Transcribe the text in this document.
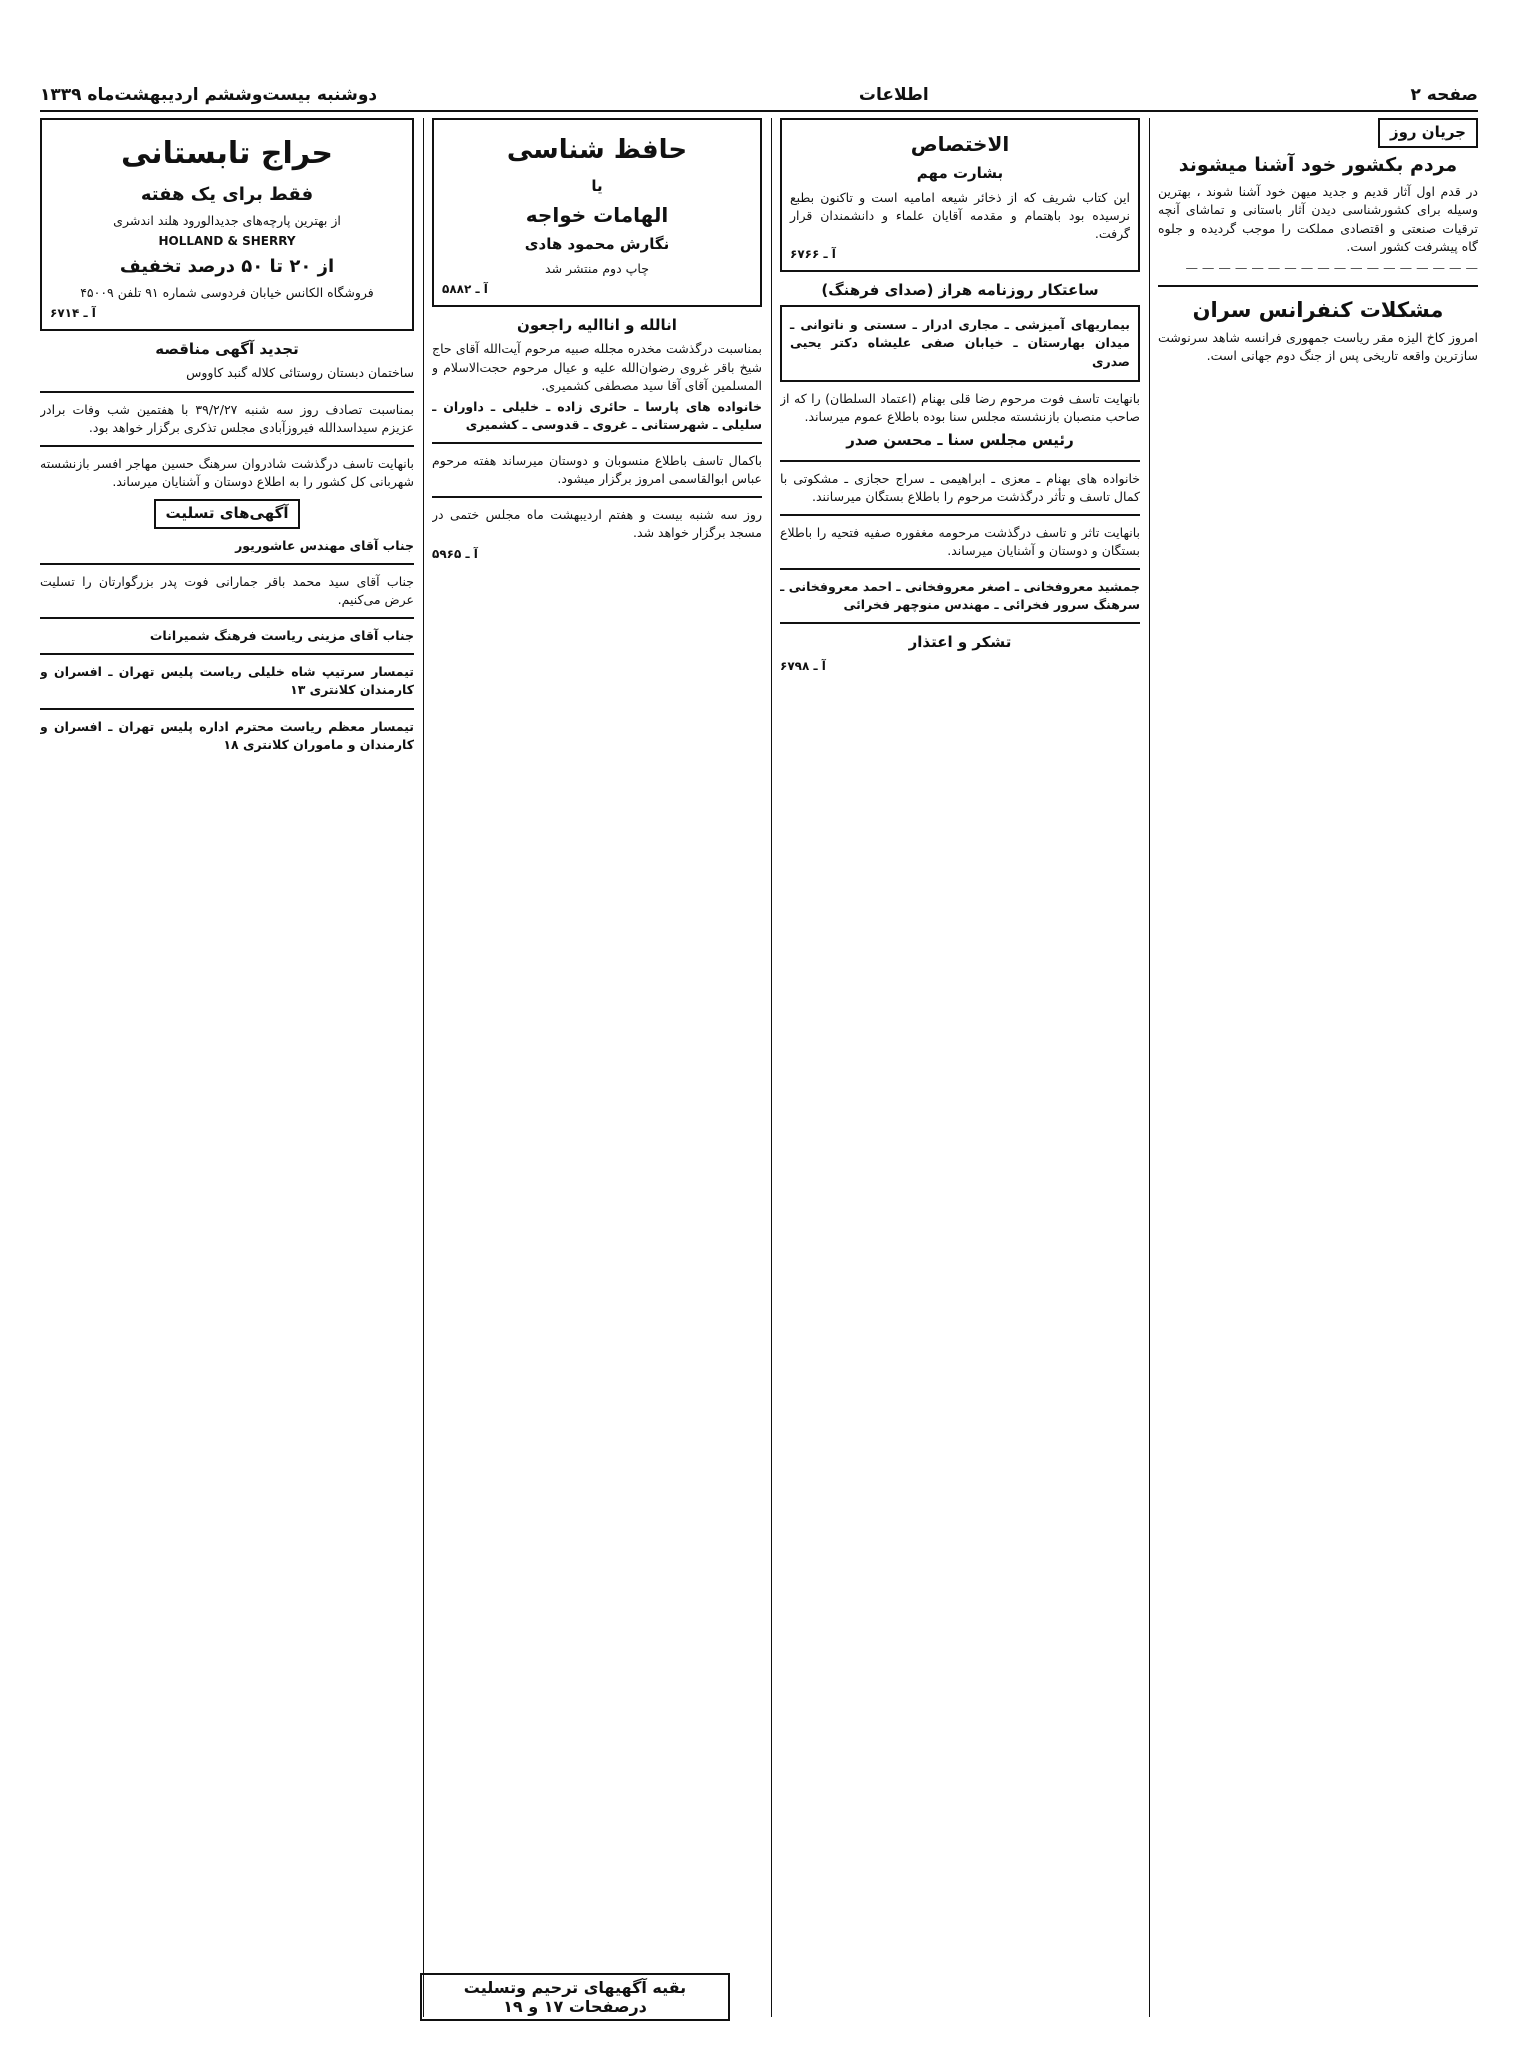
صفحه ۲
اطلاعات
دوشنبه بیست‌وششم اردیبهشت‌ماه ۱۳۳۹
جریان روز
مردم بکشور خود آشنا میشوند

در قدم اول آثار قدیم و جدید میهن خود آشنا شوند ، بهترین وسیله برای کشورشناسی دیدن آثار باستانی و تماشای آنچه ترقیات صنعتی و اقتصادی مملکت را موجب گردیده و جلوه گاه پیشرفت کشور است.

— — — — — — — — — — — — — — — — — —

مشکلات کنفرانس سران

امروز کاخ الیزه مقر ریاست جمهوری فرانسه شاهد سرنوشت سازترین واقعه تاریخی پس از جنگ دوم جهانی است.

الاختصاص
بشارت مهم

این کتاب شریف که از ذخائر شیعه امامیه است و تاکنون بطبع نرسیده بود باهتمام و مقدمه آقایان علماء و دانشمندان قرار گرفت.

آ ـ ۶۷۶۶
ساعتکار روزنامه هراز (صدای فرهنگ)

بیماریهای آمیزشی ـ مجاری ادرار ـ سستی و ناتوانی ـ میدان بهارستان ـ خیابان صفی علیشاه دکتر یحیی صدری

بانهایت تاسف فوت مرحوم رضا قلی بهنام (اعتماد السلطان) را که از صاحب منصبان بازنشسته مجلس سنا بوده باطلاع عموم میرساند.

رئیس مجلس سنا ـ محسن صدر

خانواده های بهنام ـ معزی ـ ابراهیمی ـ سراج حجازی ـ مشکوتی با کمال تاسف و تأثر درگذشت مرحوم را باطلاع بستگان میرسانند.

بانهایت تاثر و تاسف درگذشت مرحومه مغفوره صفیه فتحیه را باطلاع بستگان و دوستان و آشنایان میرساند.

جمشید معروفخانی ـ اصغر معروفخانی ـ احمد معروفخانی ـ سرهنگ سرور فخرائی ـ مهندس منوچهر فخرائی

تشکر و اعتذار
آ ـ ۶۷۹۸
حافظ شناسی
یا
الهامات خواجه
نگارش محمود هادی

چاپ دوم منتشر شد

آ ـ ۵۸۸۲
انالله و انااليه راجعون

بمناسبت درگذشت مخدره مجلله صبیه مرحوم آیت‌الله آقای حاج شیخ باقر غروی رضوان‌الله علیه و عیال مرحوم حجت‌الاسلام و المسلمین آقای آقا سید مصطفی کشمیری.

خانواده های پارسا ـ حائری زاده ـ خلیلی ـ داوران ـ سلیلی ـ شهرستانی ـ غروی ـ قدوسی ـ کشمیری

باکمال تاسف باطلاع منسوبان و دوستان میرساند هفته مرحوم عباس ابوالقاسمی امروز برگزار میشود.

روز سه شنبه بیست و هفتم اردیبهشت ماه مجلس ختمی در مسجد برگزار خواهد شد.

آ ـ ۵۹۶۵
حراج تابستانی
فقط برای یک هفته

از بهترین پارچه‌های جدیدالورود هلند اندشری

HOLLAND & SHERRY
از ۲۰ تا ۵۰ درصد تخفیف

فروشگاه الکانس خیابان فردوسی شماره ۹۱ تلفن ۴۵۰۰۹

آ ـ ۶۷۱۴
تجدید آگهی مناقصه

ساختمان دبستان روستائی کلاله گنبد کاووس

بمناسبت تصادف روز سه شنبه ۳۹/۲/۲۷ با هفتمین شب وفات برادر عزیزم سیداسدالله فیروزآبادی مجلس تذکری برگزار خواهد بود.

بانهایت تاسف درگذشت شادروان سرهنگ حسین مهاجر افسر بازنشسته شهربانی کل کشور را به اطلاع دوستان و آشنایان میرساند.

آگهی‌های تسلیت

جناب آقای مهندس عاشوریور

جناب آقای سید محمد باقر جمارانی فوت پدر بزرگوارتان را تسلیت عرض می‌کنیم.

جناب آقای مزینی ریاست فرهنگ شمیرانات

تیمسار سرتیپ شاه خلیلی ریاست پلیس تهران ـ افسران و کارمندان کلانتری ۱۳

تیمسار معظم ریاست محترم اداره پلیس تهران ـ افسران و کارمندان و ماموران کلانتری ۱۸

بقیه آگهیهای ترحیم وتسلیت درصفحات ۱۷ و ۱۹
